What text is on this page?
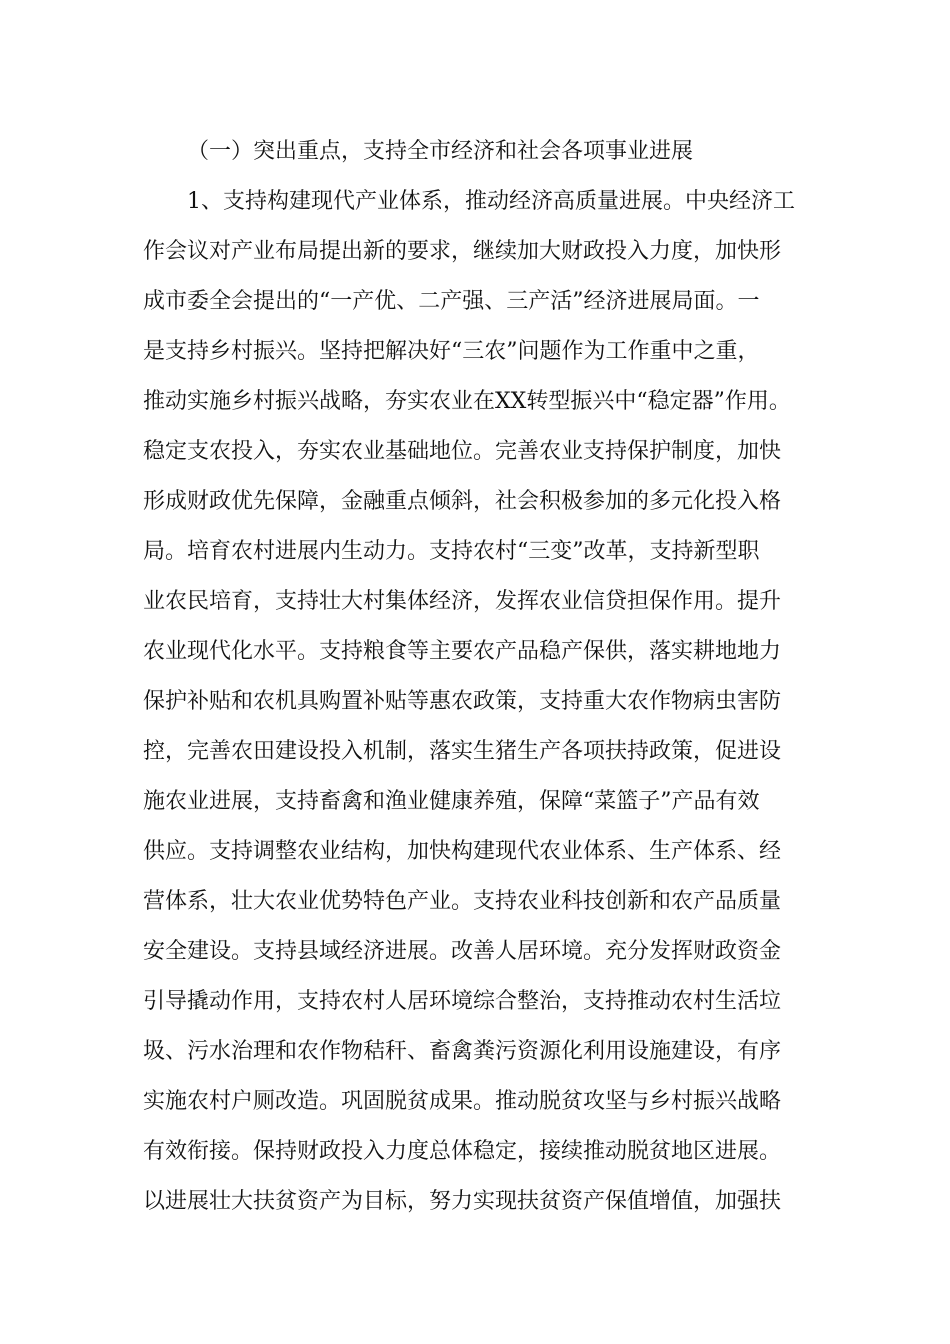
（一）突出重点，支持全市经济和社会各项事业进展
1、支持构建现代产业体系，推动经济高质量进展。中央经济工
作会议对产业布局提出新的要求，继续加大财政投入力度，加快形
成市委全会提出的“一产优、二产强、三产活”经济进展局面。一
是支持乡村振兴。坚持把解决好“三农”问题作为工作重中之重，
推动实施乡村振兴战略，夯实农业在XX转型振兴中“稳定器”作用。
稳定支农投入，夯实农业基础地位。完善农业支持保护制度，加快
形成财政优先保障，金融重点倾斜，社会积极参加的多元化投入格
局。培育农村进展内生动力。支持农村“三变”改革，支持新型职
业农民培育，支持壮大村集体经济，发挥农业信贷担保作用。提升
农业现代化水平。支持粮食等主要农产品稳产保供，落实耕地地力
保护补贴和农机具购置补贴等惠农政策，支持重大农作物病虫害防
控，完善农田建设投入机制，落实生猪生产各项扶持政策，促进设
施农业进展，支持畜禽和渔业健康养殖，保障“菜篮子”产品有效
供应。支持调整农业结构，加快构建现代农业体系、生产体系、经
营体系，壮大农业优势特色产业。支持农业科技创新和农产品质量
安全建设。支持县域经济进展。改善人居环境。充分发挥财政资金
引导撬动作用，支持农村人居环境综合整治，支持推动农村生活垃
圾、污水治理和农作物秸秆、畜禽粪污资源化利用设施建设，有序
实施农村户厕改造。巩固脱贫成果。推动脱贫攻坚与乡村振兴战略
有效衔接。保持财政投入力度总体稳定，接续推动脱贫地区进展。
以进展壮大扶贫资产为目标，努力实现扶贫资产保值增值，加强扶
